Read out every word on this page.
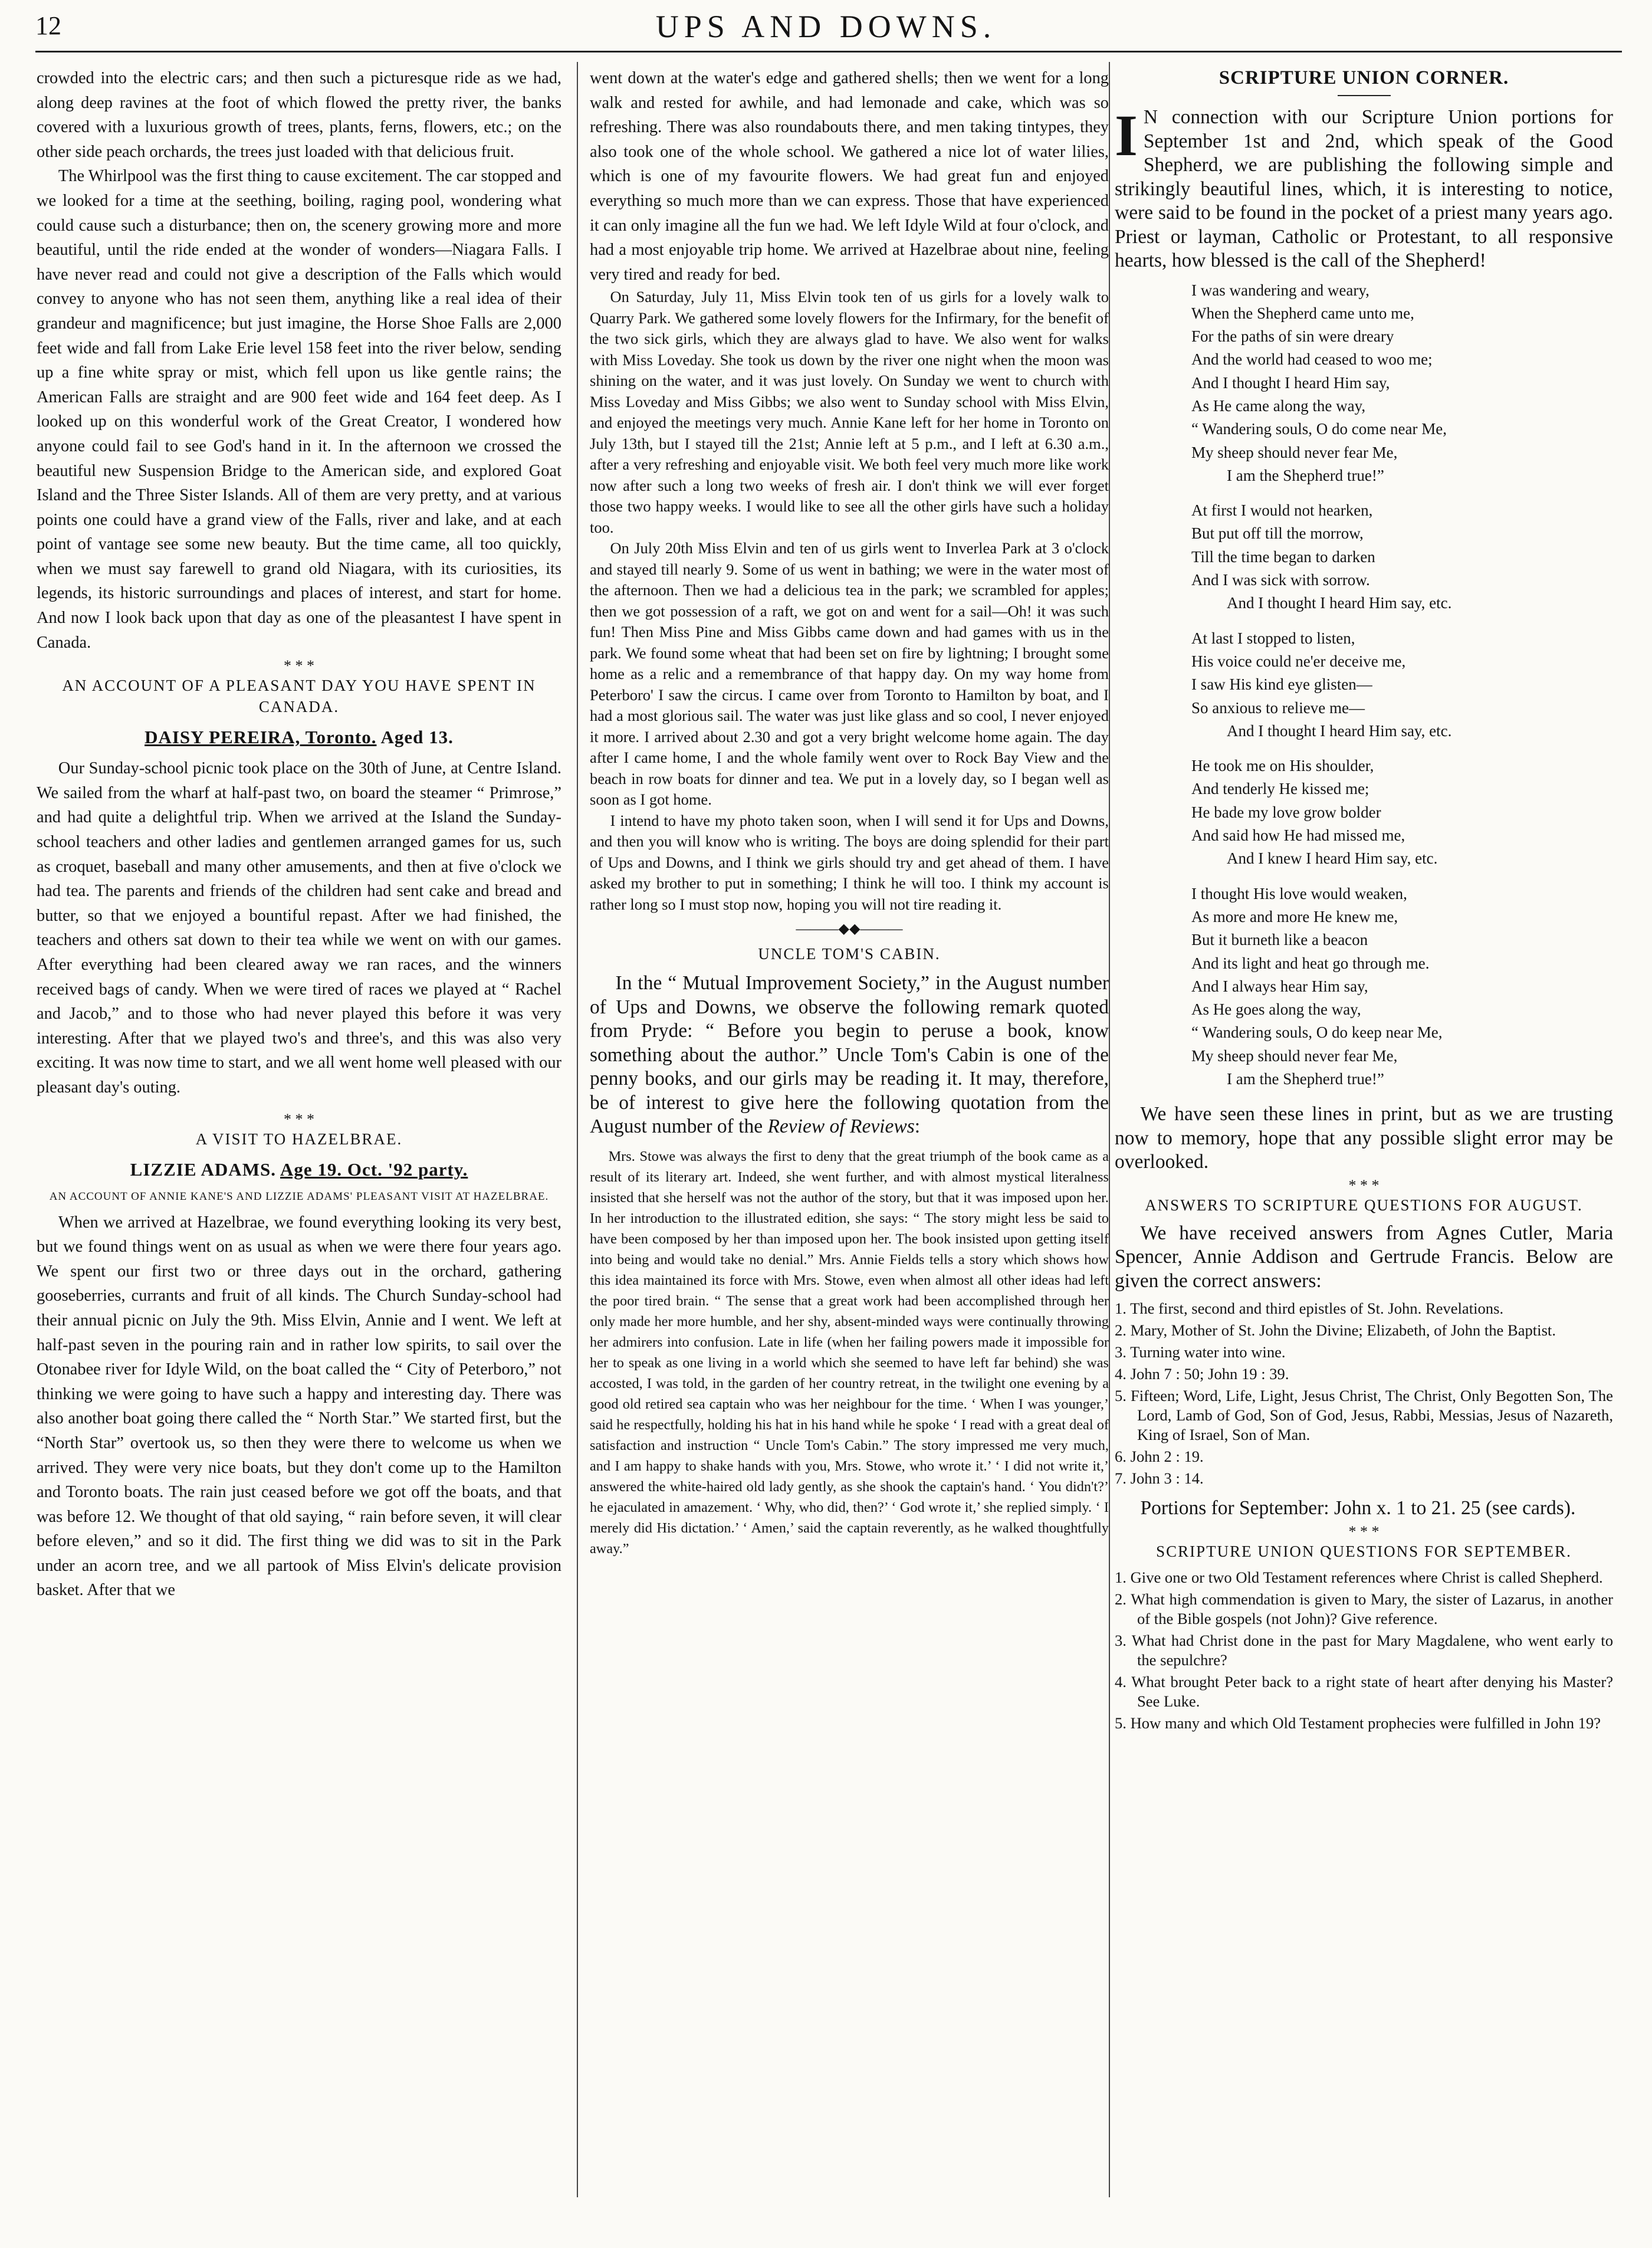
12	UPS AND DOWNS.

crowded into the electric cars; and then such a picturesque ride as we had, along deep ravines at the foot of which flowed the pretty river, the banks covered with a luxurious growth of trees, plants, ferns, flowers, etc.; on the other side peach orchards, the trees just loaded with that delicious fruit.

The Whirlpool was the first thing to cause excitement. The car stopped and we looked for a time at the seething, boiling, raging pool, wondering what could cause such a disturbance; then on, the scenery growing more and more beautiful, until the ride ended at the wonder of wonders—Niagara Falls. I have never read and could not give a description of the Falls which would convey to anyone who has not seen them, anything like a real idea of their grandeur and magnificence; but just imagine, the Horse Shoe Falls are 2,000 feet wide and fall from Lake Erie level 158 feet into the river below, sending up a fine white spray or mist, which fell upon us like gentle rains; the American Falls are straight and are 900 feet wide and 164 feet deep. As I looked up on this wonderful work of the Great Creator, I wondered how anyone could fail to see God's hand in it. In the afternoon we crossed the beautiful new Suspension Bridge to the American side, and explored Goat Island and the Three Sister Islands. All of them are very pretty, and at various points one could have a grand view of the Falls, river and lake, and at each point of vantage see some new beauty. But the time came, all too quickly, when we must say farewell to grand old Niagara, with its curiosities, its legends, its historic surroundings and places of interest, and start for home. And now I look back upon that day as one of the pleasantest I have spent in Canada.

* * *

AN ACCOUNT OF A PLEASANT DAY YOU HAVE SPENT IN CANADA.

DAISY PEREIRA, Toronto. Aged 13.

Our Sunday-school picnic took place on the 30th of June, at Centre Island. We sailed from the wharf at half-past two, on board the steamer “ Primrose,” and had quite a delightful trip. When we arrived at the Island the Sunday-school teachers and other ladies and gentlemen arranged games for us, such as croquet, baseball and many other amusements, and then at five o'clock we had tea. The parents and friends of the children had sent cake and bread and butter, so that we enjoyed a bountiful repast. After we had finished, the teachers and others sat down to their tea while we went on with our games. After everything had been cleared away we ran races, and the winners received bags of candy. When we were tired of races we played at “ Rachel and Jacob,” and to those who had never played this before it was very interesting. After that we played two's and three's, and this was also very exciting. It was now time to start, and we all went home well pleased with our pleasant day's outing.

* * *

A VISIT TO HAZELBRAE.

LIZZIE ADAMS. Age 19. Oct. '92 party.

AN ACCOUNT OF ANNIE KANE'S AND LIZZIE ADAMS' PLEASANT VISIT AT HAZELBRAE.

When we arrived at Hazelbrae, we found everything looking its very best, but we found things went on as usual as when we were there four years ago. We spent our first two or three days out in the orchard, gathering gooseberries, currants and fruit of all kinds. The Church Sunday-school had their annual picnic on July the 9th. Miss Elvin, Annie and I went. We left at half-past seven in the pouring rain and in rather low spirits, to sail over the Otonabee river for Idyle Wild, on the boat called the “ City of Peterboro,” not thinking we were going to have such a happy and interesting day. There was also another boat going there called the “ North Star.” We started first, but the “North Star” overtook us, so then they were there to welcome us when we arrived. They were very nice boats, but they don't come up to the Hamilton and Toronto boats. The rain just ceased before we got off the boats, and that was before 12. We thought of that old saying, “ rain before seven, it will clear before eleven,” and so it did. The first thing we did was to sit in the Park under an acorn tree, and we all partook of Miss Elvin's delicate provision basket. After that we

went down at the water's edge and gathered shells; then we went for a long walk and rested for awhile, and had lemonade and cake, which was so refreshing. There was also roundabouts there, and men taking tintypes, they also took one of the whole school. We gathered a nice lot of water lilies, which is one of my favourite flowers. We had great fun and enjoyed everything so much more than we can express. Those that have experienced it can only imagine all the fun we had. We left Idyle Wild at four o'clock, and had a most enjoyable trip home. We arrived at Hazelbrae about nine, feeling very tired and ready for bed.

On Saturday, July 11, Miss Elvin took ten of us girls for a lovely walk to Quarry Park. We gathered some lovely flowers for the Infirmary, for the benefit of the two sick girls, which they are always glad to have. We also went for walks with Miss Loveday. She took us down by the river one night when the moon was shining on the water, and it was just lovely. On Sunday we went to church with Miss Loveday and Miss Gibbs; we also went to Sunday school with Miss Elvin, and enjoyed the meetings very much. Annie Kane left for her home in Toronto on July 13th, but I stayed till the 21st; Annie left at 5 p.m., and I left at 6.30 a.m., after a very refreshing and enjoyable visit. We both feel very much more like work now after such a long two weeks of fresh air. I don't think we will ever forget those two happy weeks. I would like to see all the other girls have such a holiday too.

On July 20th Miss Elvin and ten of us girls went to Inverlea Park at 3 o'clock and stayed till nearly 9. Some of us went in bathing; we were in the water most of the afternoon. Then we had a delicious tea in the park; we scrambled for apples; then we got possession of a raft, we got on and went for a sail—Oh! it was such fun! Then Miss Pine and Miss Gibbs came down and had games with us in the park. We found some wheat that had been set on fire by lightning; I brought some home as a relic and a remembrance of that happy day. On my way home from Peterboro' I saw the circus. I came over from Toronto to Hamilton by boat, and I had a most glorious sail. The water was just like glass and so cool, I never enjoyed it more. I arrived about 2.30 and got a very bright welcome home again. The day after I came home, I and the whole family went over to Rock Bay View and the beach in row boats for dinner and tea. We put in a lovely day, so I began well as soon as I got home.

I intend to have my photo taken soon, when I will send it for Ups and Downs, and then you will know who is writing. The boys are doing splendid for their part of Ups and Downs, and I think we girls should try and get ahead of them. I have asked my brother to put in something; I think he will too. I think my account is rather long so I must stop now, hoping you will not tire reading it.

———◆◆———

UNCLE TOM'S CABIN.

In the “ Mutual Improvement Society,” in the August number of Ups and Downs, we observe the following remark quoted from Pryde: “ Before you begin to peruse a book, know something about the author.” Uncle Tom's Cabin is one of the penny books, and our girls may be reading it. It may, therefore, be of interest to give here the following quotation from the August number of the Review of Reviews:

Mrs. Stowe was always the first to deny that the great triumph of the book came as a result of its literary art. Indeed, she went further, and with almost mystical literalness insisted that she herself was not the author of the story, but that it was imposed upon her. In her introduction to the illustrated edition, she says: “ The story might less be said to have been composed by her than imposed upon her. The book insisted upon getting itself into being and would take no denial.” Mrs. Annie Fields tells a story which shows how this idea maintained its force with Mrs. Stowe, even when almost all other ideas had left the poor tired brain. “ The sense that a great work had been accomplished through her only made her more humble, and her shy, absent-minded ways were continually throwing her admirers into confusion. Late in life (when her failing powers made it impossible for her to speak as one living in a world which she seemed to have left far behind) she was accosted, I was told, in the garden of her country retreat, in the twilight one evening by a good old retired sea captain who was her neighbour for the time. ‘ When I was younger,’ said he respectfully, holding his hat in his hand while he spoke ‘ I read with a great deal of satisfaction and instruction “ Uncle Tom's Cabin.” The story impressed me very much, and I am happy to shake hands with you, Mrs. Stowe, who wrote it.’ ‘ I did not write it,’ answered the white-haired old lady gently, as she shook the captain's hand. ‘ You didn't?’ he ejaculated in amazement. ‘ Why, who did, then?’ ‘ God wrote it,’ she replied simply. ‘ I merely did His dictation.’ ‘ Amen,’ said the captain reverently, as he walked thoughtfully away.”

SCRIPTURE UNION CORNER.

I N connection with our Scripture Union portions for September 1st and 2nd, which speak of the Good Shepherd, we are publishing the following simple and strikingly beautiful lines, which, it is interesting to notice, were said to be found in the pocket of a priest many years ago. Priest or layman, Catholic or Protestant, to all responsive hearts, how blessed is the call of the Shepherd!

I was wandering and weary,
When the Shepherd came unto me,
For the paths of sin were dreary
And the world had ceased to woo me;
And I thought I heard Him say,
As He came along the way,
“ Wandering souls, O do come near Me,
My sheep should never fear Me,
I am the Shepherd true!”
At first I would not hearken,
But put off till the morrow,
Till the time began to darken
And I was sick with sorrow.
And I thought I heard Him say, etc.
At last I stopped to listen,
His voice could ne'er deceive me,
I saw His kind eye glisten—
So anxious to relieve me—
And I thought I heard Him say, etc.
He took me on His shoulder,
And tenderly He kissed me;
He bade my love grow bolder
And said how He had missed me,
And I knew I heard Him say, etc.
I thought His love would weaken,
As more and more He knew me,
But it burneth like a beacon
And its light and heat go through me.
And I always hear Him say,
As He goes along the way,
“ Wandering souls, O do keep near Me,
My sheep should never fear Me,
I am the Shepherd true!”

We have seen these lines in print, but as we are trusting now to memory, hope that any possible slight error may be overlooked.

* * *

ANSWERS TO SCRIPTURE QUESTIONS FOR AUGUST.

We have received answers from Agnes Cutler, Maria Spencer, Annie Addison and Gertrude Francis. Below are given the correct answers:

1. The first, second and third epistles of St. John. Revelations.
2. Mary, Mother of St. John the Divine; Elizabeth, of John the Baptist.
3. Turning water into wine.
4. John 7 : 50; John 19 : 39.
5. Fifteen; Word, Life, Light, Jesus Christ, The Christ, Only Begotten Son, The Lord, Lamb of God, Son of God, Jesus, Rabbi, Messias, Jesus of Nazareth, King of Israel, Son of Man.
6. John 2 : 19.
7. John 3 : 14.

Portions for September: John x. 1 to 21. 25 (see cards).

* * *

SCRIPTURE UNION QUESTIONS FOR SEPTEMBER.

1. Give one or two Old Testament references where Christ is called Shepherd.
2. What high commendation is given to Mary, the sister of Lazarus, in another of the Bible gospels (not John)? Give reference.
3. What had Christ done in the past for Mary Magdalene, who went early to the sepulchre?
4. What brought Peter back to a right state of heart after denying his Master? See Luke.
5. How many and which Old Testament prophecies were fulfilled in John 19?
